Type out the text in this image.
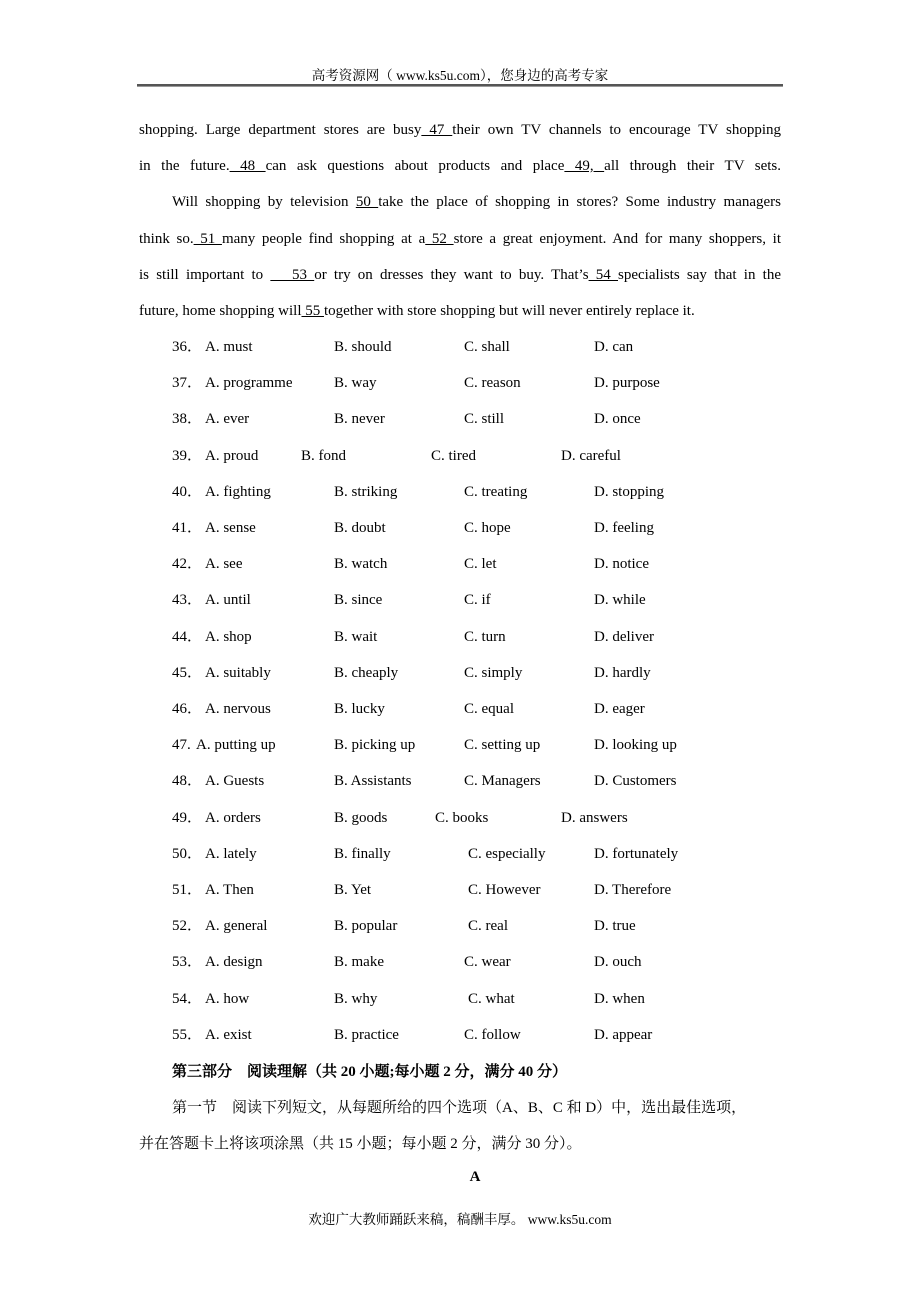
高考资源网（ www.ks5u.com），您身边的高考专家
shopping. Large department stores are busy 47 their own TV channels to encourage TV shopping
in the future. 48 can ask questions about products and place 49, all through their TV sets.
Will shopping by television 50 take the place of shopping in stores? Some industry managers
think so. 51 many people find shopping at a 52 store a great enjoyment. And for many shoppers, it
is still important to    53 or try on dresses they want to buy. That’s 54 specialists say that in the
future, home shopping will 55 together with store shopping but will never entirely replace it.
36． A. must	B. should	C. shall	D. can
37． A. programme	B. way	C. reason	D. purpose
38． A. ever	B. never	C. still	D. once
39． A. proud	B. fond	C. tired	D. careful
40． A. fighting	B. striking	C. treating	D. stopping
41． A. sense	B. doubt	C. hope	D. feeling
42． A. see	B. watch	C. let	D. notice
43． A. until	B. since	C. if	D. while
44． A. shop	B. wait	C. turn	D. deliver
45． A. suitably	B. cheaply	C. simply	D. hardly
46． A. nervous	B. lucky	C. equal	D. eager
47. A. putting up	B. picking up	C. setting up	D. looking up
48． A. Guests	B. Assistants	C. Managers	D. Customers
49． A. orders	B. goods	C. books	D. answers
50． A. lately	B. finally	C. especially	D. fortunately
51． A. Then	B. Yet	C. However	D. Therefore
52． A. general	B. popular	C. real	D. true
53． A. design	B. make	C. wear	D. ouch
54． A. how	B. why	C. what	D. when
55． A. exist	B. practice	C. follow	D. appear
第三部分　阅读理解（共 20 小题;每小题 2 分，满分 40 分）
第一节　阅读下列短文，从每题所给的四个选项（A、B、C 和 D）中，选出最佳选项，
并在答题卡上将该项涂黑（共 15 小题；每小题 2 分，满分 30 分）。
A
欢迎广大教师踊跃来稿，稿酬丰厚。 www.ks5u.com
